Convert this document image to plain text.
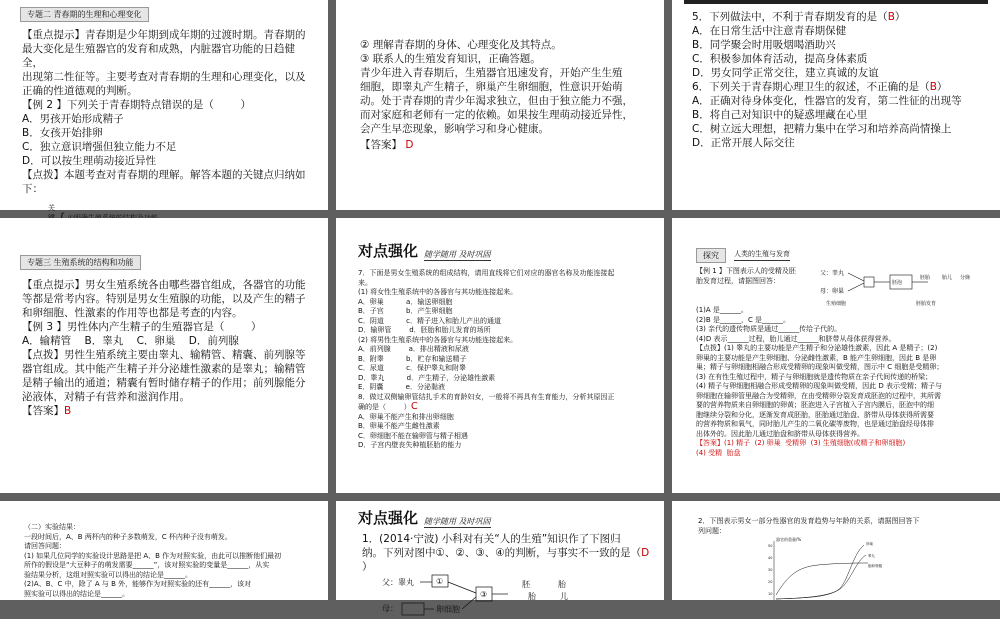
专题二 青春期的生理和心理变化

【重点提示】青春期是少年期到成年期的过渡时期。青春期的

最大变化是生殖器官的发育和成熟，内脏器官功能的日趋健全，

出现第二性征等。主要考查对青春期的生理和心理变化，以及

正确的性道德观的判断。

【例 2 】下列关于青春期特点错误的是（        ）

A．男孩开始形成精子

B．女孩开始排卵

C．独立意识增强但独立能力不足

D．可以按生理萌动接近异性

【点拨】本题考查对青春期的理解。解答本题的关键点归纳如

下：

关

② 理解青春期的身体、心理变化及其特点。

③ 联系人的生殖发育知识，正确答题。

青少年进入青春期后，生殖器官迅速发育，开始产生生殖

细胞，即睾丸产生精子，卵巢产生卵细胞，性意识开始萌

动。处于青春期的青少年渴求独立，但由于独立能力不强，

而对家庭和老师有一定的依赖。如果按生理萌动接近异性，

会产生早恋现象，影响学习和身心健康。

【答案】 D

5．下列做法中，不利于青春期发育的是（B）

A．在日常生活中注意青春期保健

B．同学聚会时用吸烟喝酒助兴

C．积极参加体育活动，提高身体素质

D．男女同学正常交往，建立真诚的友谊

6．下列关于青春期心理卫生的叙述，不正确的是（B）

A．正确对待身体变化，性器官的发育，第二性征的出现等

B．将自己对知识中的疑惑埋藏在心里

C．树立远大理想，把精力集中在学习和培养高尚情操上

D．正常开展人际交往

专题三 生殖系统的结构和功能

【重点提示】男女生殖系统各由哪些器官组成，各器官的功能

等都是常考内容。特别是男女生殖腺的功能，以及产生的精子

和卵细胞、性激素的作用等也都是考查的内容。

【例 3 】男性体内产生精子的生殖器官是（        ）

A．输精管    B．睾丸    C．卵巢    D．前列腺

【点拨】男性生殖系统主要由睾丸、输精管、精囊、前列腺等

器官组成。其中能产生精子并分泌雄性激素的是睾丸；输精管

是精子输出的通道；精囊有暂时储存精子的作用；前列腺能分

泌液体，对精子有营养和滋润作用。

【答案】B

对点强化 随学随用 及时巩固

7．下面是男女生殖系统的组成结构，请用直线将它们对应的器官名称及功能连接起

来。

(1) 将女性生殖系统中的各器官与其功能连接起来。

A．卵巢          a．输送卵细胞

B．子宫          b．产生卵细胞

C．阴道          c．精子进入和胎儿产出的通道

D．输卵管        d．胚胎和胎儿发育的场所

(2) 将男性生殖系统中的各器官与其功能连接起来。

A．前列腺        a．排出精液和尿液

B．附睾          b．贮存和输送精子

C．尿道          c．保护睾丸和附睾

D．睾丸          d．产生精子，分泌雄性激素

E．阴囊          e．分泌黏液

8．做过双侧输卵管结扎手术的育龄妇女，一般将不再具有生育能力，分析其原因正

确的是（        ）C

A．卵巢不能产生和排出卵细胞

B．卵巢不能产生雌性激素

C．卵细胞不能在输卵管与精子相遇

D．子宫内壁丧失种植胚胎的能力

探究	人类的生殖与发育

【例 1 】下图表示人的受精及胚

胎发育过程，请据图回答：

父：睾丸
母：卵巢
胚泡
胚胎 胎儿 分娩
生殖细胞	胚胎发育

(1)A 是______。

(2)B 是______，C 是______。

(3) 亲代的遗传物质是通过______传给子代的。

(4)D 表示______过程，胎儿通过______和脐带从母体获得营养。

【点拨】(1) 睾丸的主要功能是产生精子和分泌雄性激素，因此 A 是精子；(2)

卵巢的主要功能是产生卵细胞、分泌雌性激素，B 能产生卵细胞，因此 B 是卵

巢；精子与卵细胞相融合形成受精卵的现象叫做受精，图示中 C 细胞是受精卵；

(3) 在有性生殖过程中，精子与卵细胞就是遗传物质在亲子代间传递的桥梁；

(4) 精子与卵细胞相融合形成受精卵的现象叫做受精，因此 D 表示受精；精子与

卵细胞在输卵管里融合为受精卵，在由受精卵分裂发育成胚泡的过程中，其所需

要的营养物质来自卵细胞的卵黄；胚泡进入子宫植入子宫内膜后，胚泡中的细

胞继续分裂和分化，逐渐发育成胚胎，胚胎通过胎盘、脐带从母体获得所需要

的营养物质和氧气，同时胎儿产生的二氧化碳等废物，也是通过胎盘经母体排

出体外的。因此胎儿通过胎盘和脐带从母体获得营养。

【答案】(1) 精子  (2) 卵巢  受精卵  (3) 生殖细胞(或精子和卵细胞)

(4) 受精  胎盘

（二）实验结果：

一段时间后，A、B 两杯内的种子多数萌发，C 杯内种子没有萌发。

请回答问题：

(1) 如果几位同学的实验设计思路是把 A、B 作为对照实验，由此可以推断他们最初

所作的假设是“大豆种子的萌发需要______”，该对照实验的变量是______，从实

验结果分析，这组对照实验可以得出的结论是______。

(2)A、B、C 中，除了 A 与 B 外，能够作为对照实验的还有______，该对

照实验可以得出的结论是______。

对点强化 随学随用 及时巩固

1．(2014·宁波) 小科对有关“人的生殖”知识作了下图归

纳。下列对图中①、②、③、④的判断，与事实不一致的是（D

）

父：睾丸	①
母：	卵细胞
③
胚
胎
胎
儿

2．下图表示男女一部分性器官的发育趋势与年龄的关系，请据图回答下

列问题：

器官的重量/%
50
40
30
20
10
卵巢
睾丸
脑和脊髓
